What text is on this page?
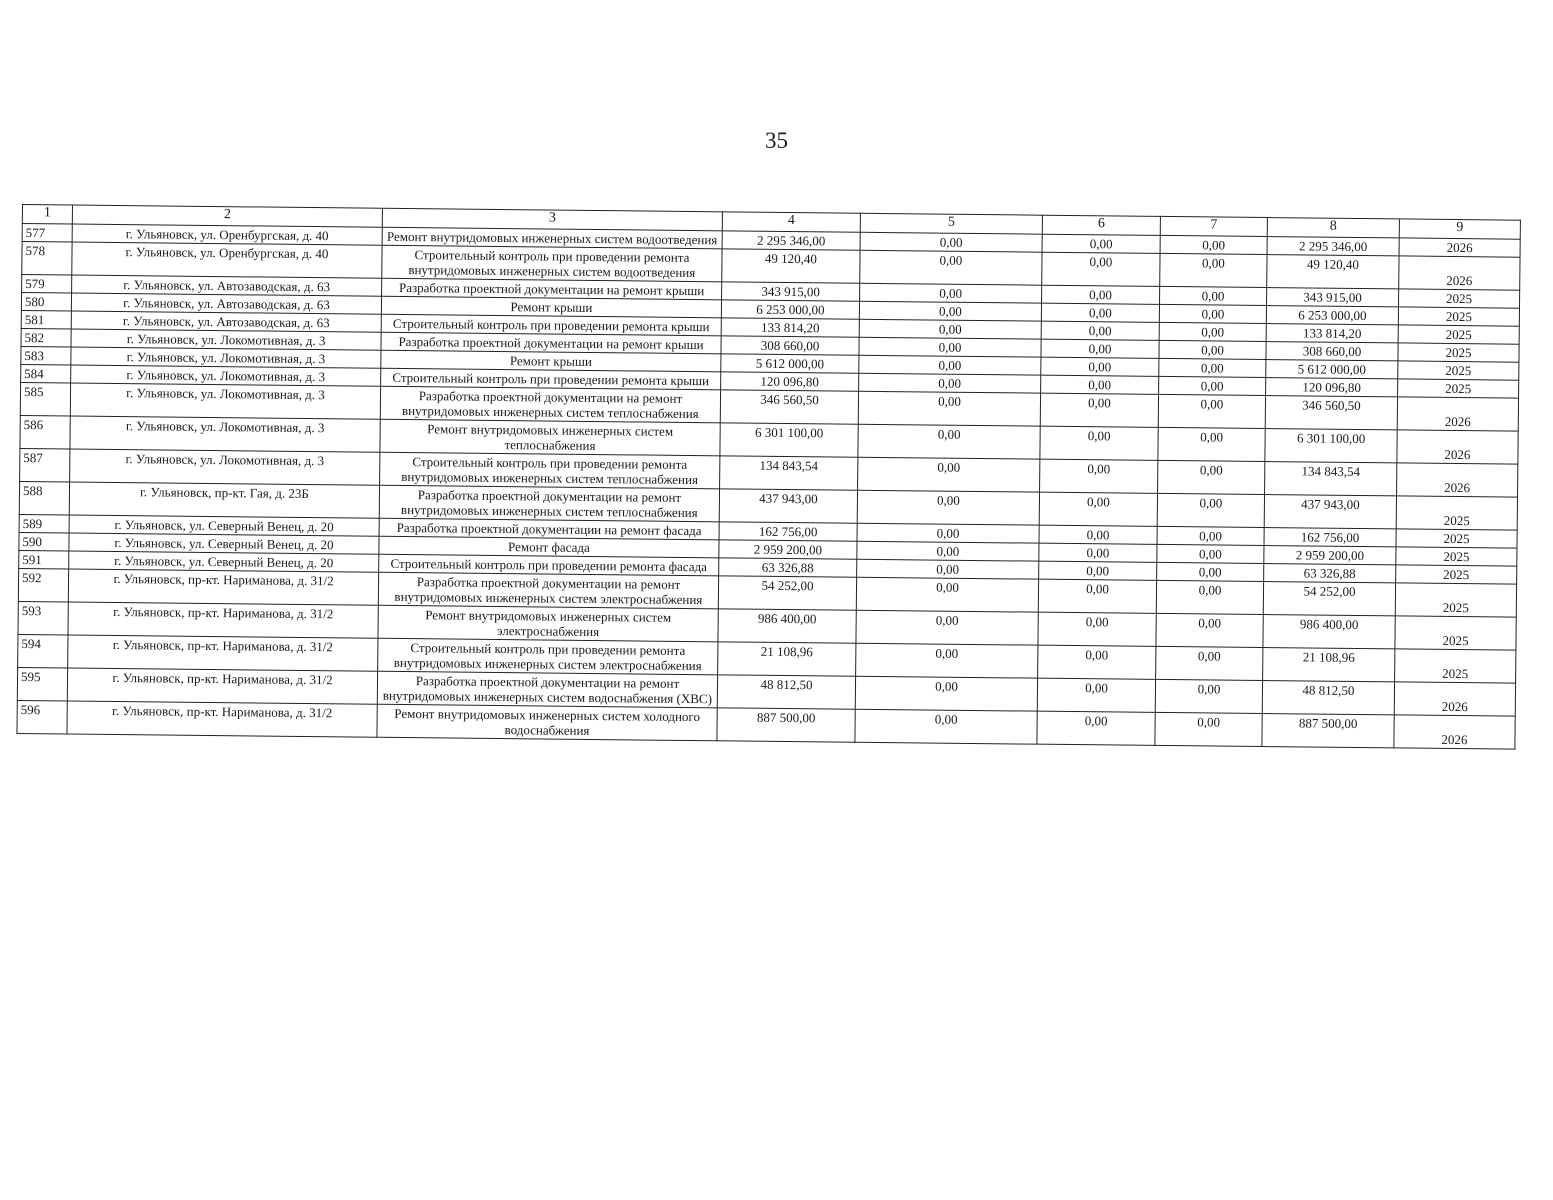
35
1	2	3	4	5	6	7	8	9
577	г. Ульяновск, ул. Оренбургская, д. 40	Ремонт внутридомовых инженерных систем водоотведения	2 295 346,00	0,00	0,00	0,00	2 295 346,00	2026
578	г. Ульяновск, ул. Оренбургская, д. 40	Строительный контроль при проведении ремонта внутридомовых инженерных систем водоотведения	49 120,40	0,00	0,00	0,00	49 120,40	2026
579	г. Ульяновск, ул. Автозаводская, д. 63	Разработка проектной документации на ремонт крыши	343 915,00	0,00	0,00	0,00	343 915,00	2025
580	г. Ульяновск, ул. Автозаводская, д. 63	Ремонт крыши	6 253 000,00	0,00	0,00	0,00	6 253 000,00	2025
581	г. Ульяновск, ул. Автозаводская, д. 63	Строительный контроль при проведении ремонта крыши	133 814,20	0,00	0,00	0,00	133 814,20	2025
582	г. Ульяновск, ул. Локомотивная, д. 3	Разработка проектной документации на ремонт крыши	308 660,00	0,00	0,00	0,00	308 660,00	2025
583	г. Ульяновск, ул. Локомотивная, д. 3	Ремонт крыши	5 612 000,00	0,00	0,00	0,00	5 612 000,00	2025
584	г. Ульяновск, ул. Локомотивная, д. 3	Строительный контроль при проведении ремонта крыши	120 096,80	0,00	0,00	0,00	120 096,80	2025
585	г. Ульяновск, ул. Локомотивная, д. 3	Разработка проектной документации на ремонт внутридомовых инженерных систем теплоснабжения	346 560,50	0,00	0,00	0,00	346 560,50	2026
586	г. Ульяновск, ул. Локомотивная, д. 3	Ремонт внутридомовых инженерных систем теплоснабжения	6 301 100,00	0,00	0,00	0,00	6 301 100,00	2026
587	г. Ульяновск, ул. Локомотивная, д. 3	Строительный контроль при проведении ремонта внутридомовых инженерных систем теплоснабжения	134 843,54	0,00	0,00	0,00	134 843,54	2026
588	г. Ульяновск, пр-кт. Гая, д. 23Б	Разработка проектной документации на ремонт внутридомовых инженерных систем теплоснабжения	437 943,00	0,00	0,00	0,00	437 943,00	2025
589	г. Ульяновск, ул. Северный Венец, д. 20	Разработка проектной документации на ремонт фасада	162 756,00	0,00	0,00	0,00	162 756,00	2025
590	г. Ульяновск, ул. Северный Венец, д. 20	Ремонт фасада	2 959 200,00	0,00	0,00	0,00	2 959 200,00	2025
591	г. Ульяновск, ул. Северный Венец, д. 20	Строительный контроль при проведении ремонта фасада	63 326,88	0,00	0,00	0,00	63 326,88	2025
592	г. Ульяновск, пр-кт. Нариманова, д. 31/2	Разработка проектной документации на ремонт внутридомовых инженерных систем электроснабжения	54 252,00	0,00	0,00	0,00	54 252,00	2025
593	г. Ульяновск, пр-кт. Нариманова, д. 31/2	Ремонт внутридомовых инженерных систем электроснабжения	986 400,00	0,00	0,00	0,00	986 400,00	2025
594	г. Ульяновск, пр-кт. Нариманова, д. 31/2	Строительный контроль при проведении ремонта внутридомовых инженерных систем электроснабжения	21 108,96	0,00	0,00	0,00	21 108,96	2025
595	г. Ульяновск, пр-кт. Нариманова, д. 31/2	Разработка проектной документации на ремонт внутридомовых инженерных систем водоснабжения (ХВС)	48 812,50	0,00	0,00	0,00	48 812,50	2026
596	г. Ульяновск, пр-кт. Нариманова, д. 31/2	Ремонт внутридомовых инженерных систем холодного водоснабжения	887 500,00	0,00	0,00	0,00	887 500,00	2026
